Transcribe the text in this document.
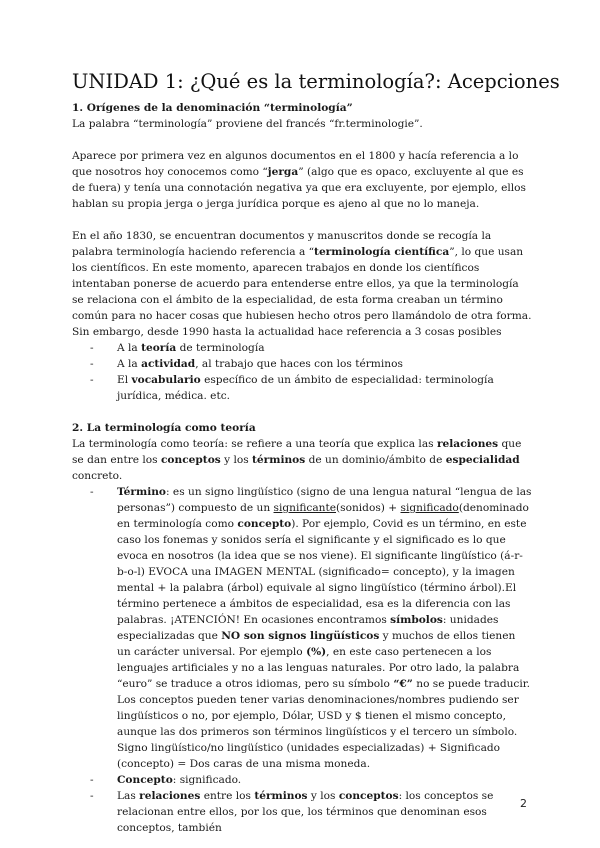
UNIDAD 1: ¿Qué es la terminología?: Acepciones

1. Orígenes de la denominación “terminología”

La palabra “terminología” proviene del francés “fr.terminologie”.

Aparece por primera vez en algunos documentos en el 1800 y hacía referencia a lo que nosotros hoy conocemos como “jerga” (algo que es opaco, excluyente al que es de fuera) y tenía una connotación negativa ya que era excluyente, por ejemplo, ellos hablan su propia jerga o jerga jurídica porque es ajeno al que no lo maneja.

En el año 1830, se encuentran documentos y manuscritos donde se recogía la palabra terminología haciendo referencia a “terminología científica”, lo que usan los científicos. En este momento, aparecen trabajos en donde los científicos intentaban ponerse de acuerdo para entenderse entre ellos, ya que la terminología se relaciona con el ámbito de la especialidad, de esta forma creaban un término común para no hacer cosas que hubiesen hecho otros pero llamándolo de otra forma.

Sin embargo, desde 1990 hasta la actualidad hace referencia a 3 cosas posibles

- A la teoría de terminología
- A la actividad, al trabajo que haces con los términos
- El vocabulario específico de un ámbito de especialidad: terminología jurídica, médica. etc.

2. La terminología como teoría

La terminología como teoría: se refiere a una teoría que explica las relaciones que se dan entre los conceptos y los términos de un dominio/ámbito de especialidad concreto.

- Término: es un signo lingüístico (signo de una lengua natural “lengua de las personas”) compuesto de un significante(sonidos) + significado(denominado en terminología como concepto). Por ejemplo, Covid es un término, en este caso los fonemas y sonidos sería el significante y el significado es lo que evoca en nosotros (la idea que se nos viene). El significante lingüístico (á-r-b-o-l) EVOCA una IMAGEN MENTAL (significado= concepto), y la imagen mental + la palabra (árbol) equivale al signo lingüístico (término árbol).El término pertenece a ámbitos de especialidad, esa es la diferencia con las palabras. ¡ATENCIÓN! En ocasiones encontramos símbolos: unidades especializadas que NO son signos lingüísticos y muchos de ellos tienen un carácter universal. Por ejemplo (%), en este caso pertenecen a los lenguajes artificiales y no a las lenguas naturales. Por otro lado, la palabra “euro” se traduce a otros idiomas, pero su símbolo “€” no se puede traducir. Los conceptos pueden tener varias denominaciones/nombres pudiendo ser lingüísticos o no, por ejemplo, Dólar, USD y $ tienen el mismo concepto, aunque las dos primeros son términos lingüísticos y el tercero un símbolo. Signo lingüístico/no lingüístico (unidades especializadas) + Significado (concepto) = Dos caras de una misma moneda.
- Concepto: significado.
- Las relaciones entre los términos y los conceptos: los conceptos se relacionan entre ellos, por los que, los términos que denominan esos conceptos, también
2
